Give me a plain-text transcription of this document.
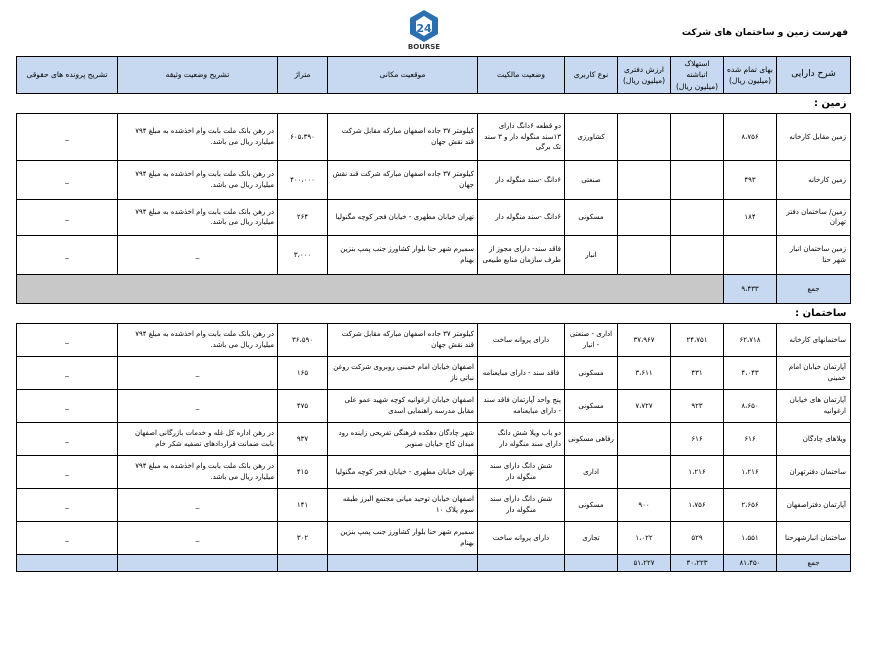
24
BOURSE
فهرست زمین و ساختمان های شرکت
شرح دارایی	بهای تمام شده (میلیون ریال)	استهلاک انباشته (میلیون ریال)	ارزش دفتری (میلیون ریال)	نوع کاربری	وضعیت مالکیت	موقعیت مکانی	متراژ	تشریح وضعیت وثیقه	تشریح پرونده های حقوقی
زمین :									
زمین مقابل کارخانه	۸،۷۵۶			کشاورزی	دو قطعه ۶دانگ دارای ۱۳سند منگوله دار و ۳ سند تک برگی	کیلومتر ۳۷ جاده اصفهان مبارکه مقابل شرکت قند نقش جهان	۶۰۵،۳۹۰	در رهن بانک ملت بابت وام اخذشده به مبلغ ۷۹۴ میلیارد ریال می باشد.	_
زمین کارخانه	۴۹۳			صنعتی	۶دانگ -سند منگوله دار	کیلومتر ۳۷ جاده اصفهان مبارکه شرکت قند نقش جهان	۴۰۰،۰۰۰	در رهن بانک ملت بابت وام اخذشده به مبلغ ۷۹۴ میلیارد ریال می باشد.	_
زمین/ ساختمان دفتر تهران	۱۸۴			مسکونی	۶دانگ -سند منگوله دار	تهران خیابان مطهری - خیابان فجر کوچه مگنولیا	۲۶۴	در رهن بانک ملت بابت وام اخذشده به مبلغ ۷۹۴ میلیارد ریال می باشد.	_
زمین ساختمان انبار شهر حنا				انبار	فاقد سند- دارای مجوز از طرف سازمان منابع طبیعی	سمیرم شهر حنا بلوار کشاورز جنب پمپ بنزین بهنام	۳،۰۰۰	_	_
جمع	۹،۴۳۳								
ساختمان :									
ساختمانهای کارخانه	۶۲،۷۱۸	۲۴،۷۵۱	۳۷،۹۶۷	اداری - صنعتی - انبار	دارای پروانه ساخت	کیلومتر ۳۷ جاده اصفهان مبارکه مقابل شرکت قند نقش جهان	۳۶،۵۹۰	در رهن بانک ملت بابت وام اخذشده به مبلغ ۷۹۴ میلیارد ریال می باشد.	_
آپارتمان خیابان امام خمینی	۴،۰۴۳	۴۳۱	۳،۶۱۱	مسکونی	فاقد سند - دارای مبایعنامه	اصفهان خیابان امام خمینی روبروی شرکت روغن نباتی ناز	۱۶۵	_	_
آپارتمان های خیابان ارغوانیه	۸،۶۵۰	۹۲۳	۷،۷۲۷	مسکونی	پنج واحد آپارتمان فاقد سند - دارای مبایعنامه	اصفهان خیابان ارغوانیه کوچه شهید عمو علی مقابل مدرسه راهنمایی اسدی	۴۷۵	_	_
ویلاهای چادگان	۶۱۶	۶۱۶		رفاهی مسکونی	دو باب ویلا شش دانگ دارای سند منگوله دار	شهر چادگان دهکده فرهنگی تفریحی زاینده رود میدان کاج خیابان صنوبر	۹۳۷	در رهن اداره کل غله و خدمات بازرگانی اصفهان بابت ضمانت قراردادهای تصفیه شکر خام	_
ساختمان دفترتهران	۱،۲۱۶	۱،۲۱۶		اداری	شش دانگ دارای سند منگوله دار	تهران خیابان مطهری - خیابان فجر کوچه مگنولیا	۴۱۵	در رهن بانک ملت بابت وام اخذشده به مبلغ ۷۹۴ میلیارد ریال می باشد.	_
آپارتمان دفتراصفهان	۲،۶۵۶	۱،۷۵۶	۹۰۰	مسکونی	شش دانگ دارای سند منگوله دار	اصفهان خیابان توحید میانی مجتمع البرز طبقه سوم پلاک ۱۰	۱۴۱	_	_
ساختمان انبارشهرحنا	۱،۵۵۱	۵۲۹	۱،۰۲۲	تجاری	دارای پروانه ساخت	سمیرم شهر حنا بلوار کشاورز جنب پمپ بنزین بهنام	۳۰۲	_	_
جمع	۸۱،۴۵۰	۳۰،۲۲۳	۵۱،۲۲۷						
